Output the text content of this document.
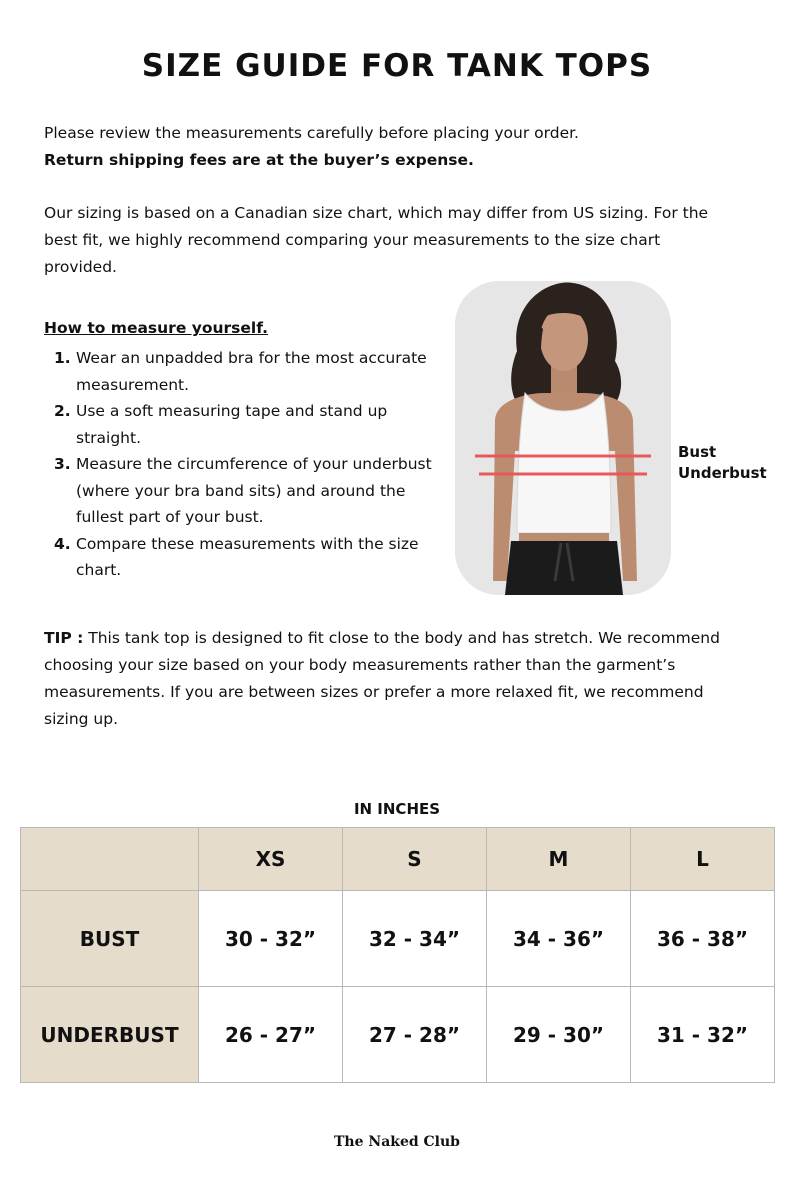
SIZE GUIDE FOR TANK TOPS

Please review the measurements carefully before placing your order.
Return shipping fees are at the buyer’s expense.

Our sizing is based on a Canadian size chart, which may differ from US sizing. For the best fit, we highly recommend comparing your measurements to the size chart provided.

How to measure yourself.
1. Wear an unpadded bra for the most accurate measurement.
2. Use a soft measuring tape and stand up straight.
3. Measure the circumference of your underbust (where your bra band sits) and around the fullest part of your bust.
4. Compare these measurements with the size chart.
Bust
Underbust

TIP : This tank top is designed to fit close to the body and has stretch. We recommend choosing your size based on your body measurements rather than the garment’s measurements. If you are between sizes or prefer a more relaxed fit, we recommend sizing up.

IN INCHES
	XS	S	M	L
BUST	30 - 32”	32 - 34”	34 - 36”	36 - 38”
UNDERBUST	26 - 27”	27 - 28”	29 - 30”	31 - 32”
The Naked Club
